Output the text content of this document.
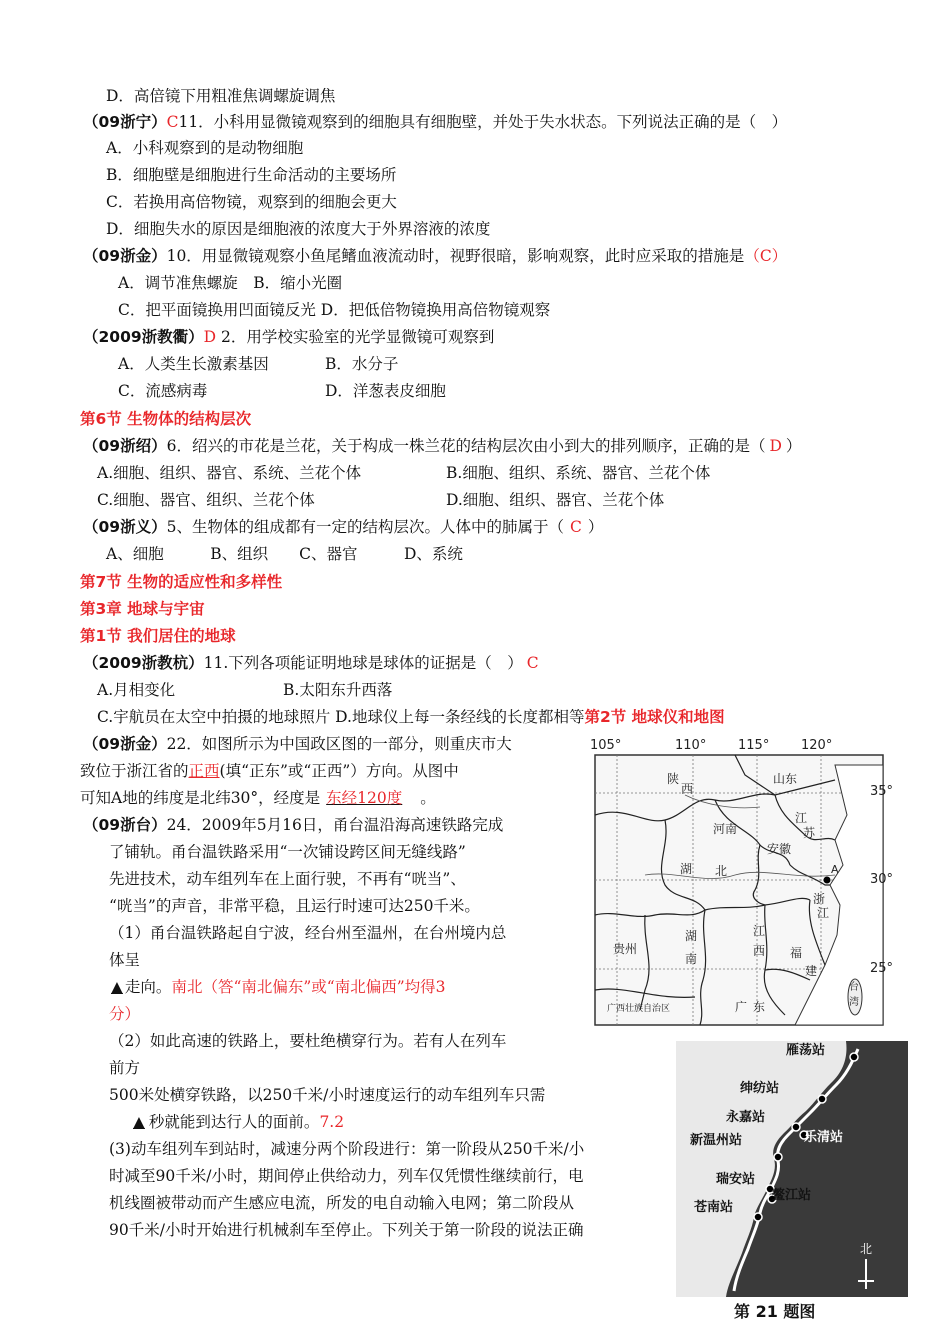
D．高倍镜下用粗准焦调螺旋调焦
（09浙宁）C11．小科用显微镜观察到的细胞具有细胞壁，并处于失水状态。下列说法正确的是（　）
A．小科观察到的是动物细胞
B．细胞壁是细胞进行生命活动的主要场所
C．若换用高倍物镜，观察到的细胞会更大
D．细胞失水的原因是细胞液的浓度大于外界溶液的浓度
（09浙金）10．用显微镜观察小鱼尾鳍血液流动时，视野很暗，影响观察，此时应采取的措施是（C）
A．调节准焦螺旋　B．缩小光圈
C．把平面镜换用凹面镜反光 D．把低倍物镜换用高倍物镜观察
（2009浙教衢）D 2．用学校实验室的光学显微镜可观察到
A．人类生长激素基因	B．水分子
C．流感病毒	D．洋葱表皮细胞
第6节 生物体的结构层次
（09浙绍）6．绍兴的市花是兰花，关于构成一株兰花的结构层次由小到大的排列顺序，正确的是（ D ）
A.细胞、组织、器官、系统、兰花个体	B.细胞、组织、系统、器官、兰花个体
C.细胞、器官、组织、兰花个体	D.细胞、组织、器官、兰花个体
（09浙义）5、生物体的组成都有一定的结构层次。人体中的肺属于（ C ）
A、细胞　　　B、组织　　C、器官　　　D、系统
第7节 生物的适应性和多样性
第3章 地球与宇宙
第1节 我们居住的地球
（2009浙教杭）11.下列各项能证明地球是球体的证据是（　） C
A.月相变化	B.太阳东升西落
C.宇航员在太空中拍摄的地球照片 D.地球仪上每一条经线的长度都相等第2节 地球仪和地图
（09浙金）22．如图所示为中国政区图的一部分，则重庆市大
致位于浙江省的正西(填“正东”或“正西”）方向。从图中
可知A地的纬度是北纬30°，经度是 东经120度 。
（09浙台）24．2009年5月16日，甬台温沿海高速铁路完成
了铺轨。甬台温铁路采用“一次铺设跨区间无缝线路”
先进技术，动车组列车在上面行驶，不再有“咣当”、
“咣当”的声音，非常平稳，且运行时速可达250千米。
（1）甬台温铁路起自宁波，经台州至温州，在台州境内总
体呈
▲ 走向。南北（答“南北偏东”或“南北偏西”均得3
分）
（2）如此高速的铁路上，要杜绝横穿行为。若有人在列车
前方
500米处横穿铁路，以250千米/小时速度运行的动车组列车只需
▲ 秒就能到达行人的面前。7.2
(3)动车组列车到站时，减速分两个阶段进行：第一阶段从250千米/小
时减至90千米/小时，期间停止供给动力，列车仅凭惯性继续前行，电
机线圈被带动而产生感应电流，所发的电自动输入电网；第二阶段从
90千米/小时开始进行机械刹车至停止。下列关于第一阶段的说法正确
105°	110° 115° 120°
35°
30°
25°
陕
西
山东
河南
江
苏
安徽
湖 北	A
浙
江
贵州
湖
南
江
西 福
建
台
湾
广西壮族自治区	广 东
雁荡站
绅纺站
永嘉站
乐清站
新温州站
瑞安站
鳌江站
苍南站
北
第 21 题图
